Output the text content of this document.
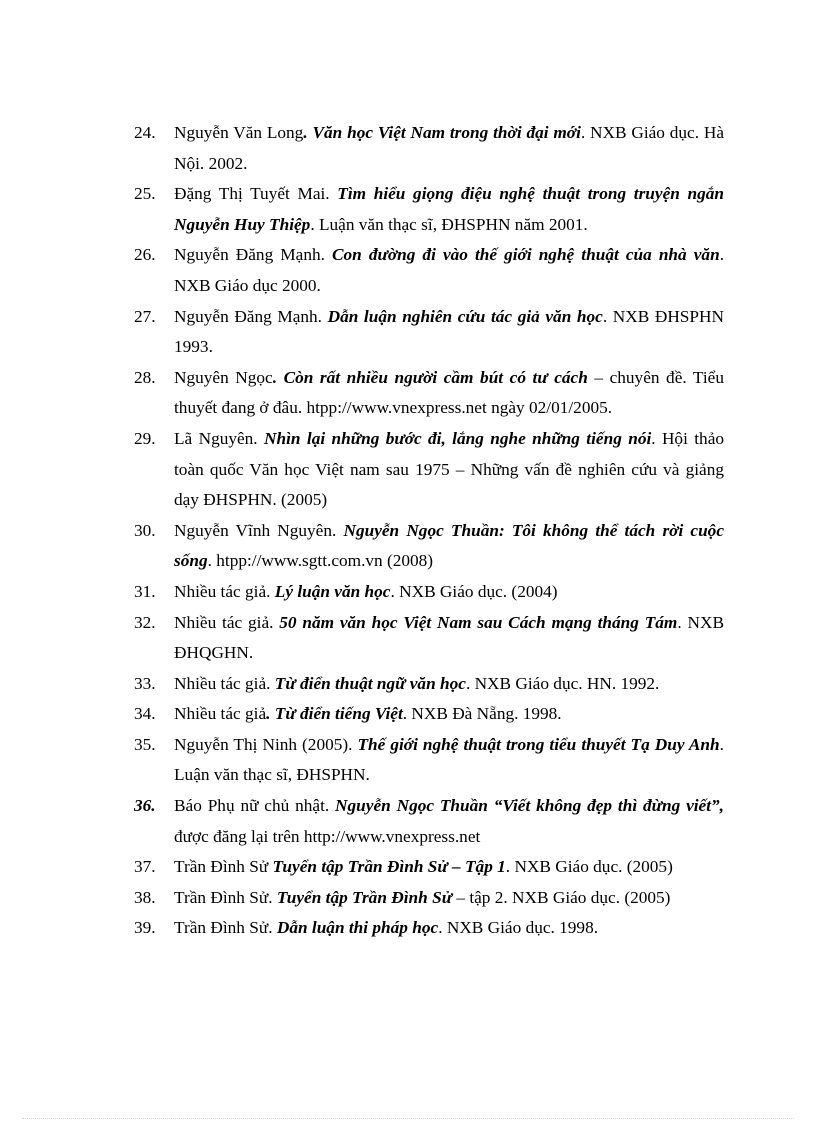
24. Nguyễn Văn Long. Văn học Việt Nam trong thời đại mới. NXB Giáo dục. Hà Nội. 2002.
25. Đặng Thị Tuyết Mai. Tìm hiểu giọng điệu nghệ thuật trong truyện ngắn Nguyễn Huy Thiệp. Luận văn thạc sĩ, ĐHSPHN năm 2001.
26. Nguyễn Đăng Mạnh. Con đường đi vào thế giới nghệ thuật của nhà văn. NXB Giáo dục 2000.
27. Nguyễn Đăng Mạnh. Dẫn luận nghiên cứu tác giả văn học. NXB ĐHSPHN 1993.
28. Nguyên Ngọc. Còn rất nhiều người cầm bút có tư cách – chuyên đề. Tiểu thuyết đang ở đâu. htpp://www.vnexpress.net ngày 02/01/2005.
29. Lã Nguyên. Nhìn lại những bước đi, lắng nghe những tiếng nói. Hội thảo toàn quốc Văn học Việt nam sau 1975 – Những vấn đề nghiên cứu và giảng dạy ĐHSPHN. (2005)
30. Nguyễn Vĩnh Nguyên. Nguyễn Ngọc Thuần: Tôi không thể tách rời cuộc sống. htpp://www.sgtt.com.vn (2008)
31. Nhiều tác giả. Lý luận văn học. NXB Giáo dục. (2004)
32. Nhiều tác giả. 50 năm văn học Việt Nam sau Cách mạng tháng Tám. NXB ĐHQGHN.
33. Nhiều tác giả. Từ điển thuật ngữ văn học. NXB Giáo dục. HN. 1992.
34. Nhiều tác giả. Từ điển tiếng Việt. NXB Đà Nẵng. 1998.
35. Nguyễn Thị Ninh (2005). Thế giới nghệ thuật trong tiểu thuyết Tạ Duy Anh. Luận văn thạc sĩ, ĐHSPHN.
36. Báo Phụ nữ chủ nhật. Nguyễn Ngọc Thuần “Viết không đẹp thì đừng viết”, được đăng lại trên http://www.vnexpress.net
37. Trần Đình Sử Tuyển tập Trần Đình Sử – Tập 1. NXB Giáo dục. (2005)
38. Trần Đình Sử. Tuyển tập Trần Đình Sử – tập 2. NXB Giáo dục. (2005)
39. Trần Đình Sử. Dẫn luận thi pháp học. NXB Giáo dục. 1998.
